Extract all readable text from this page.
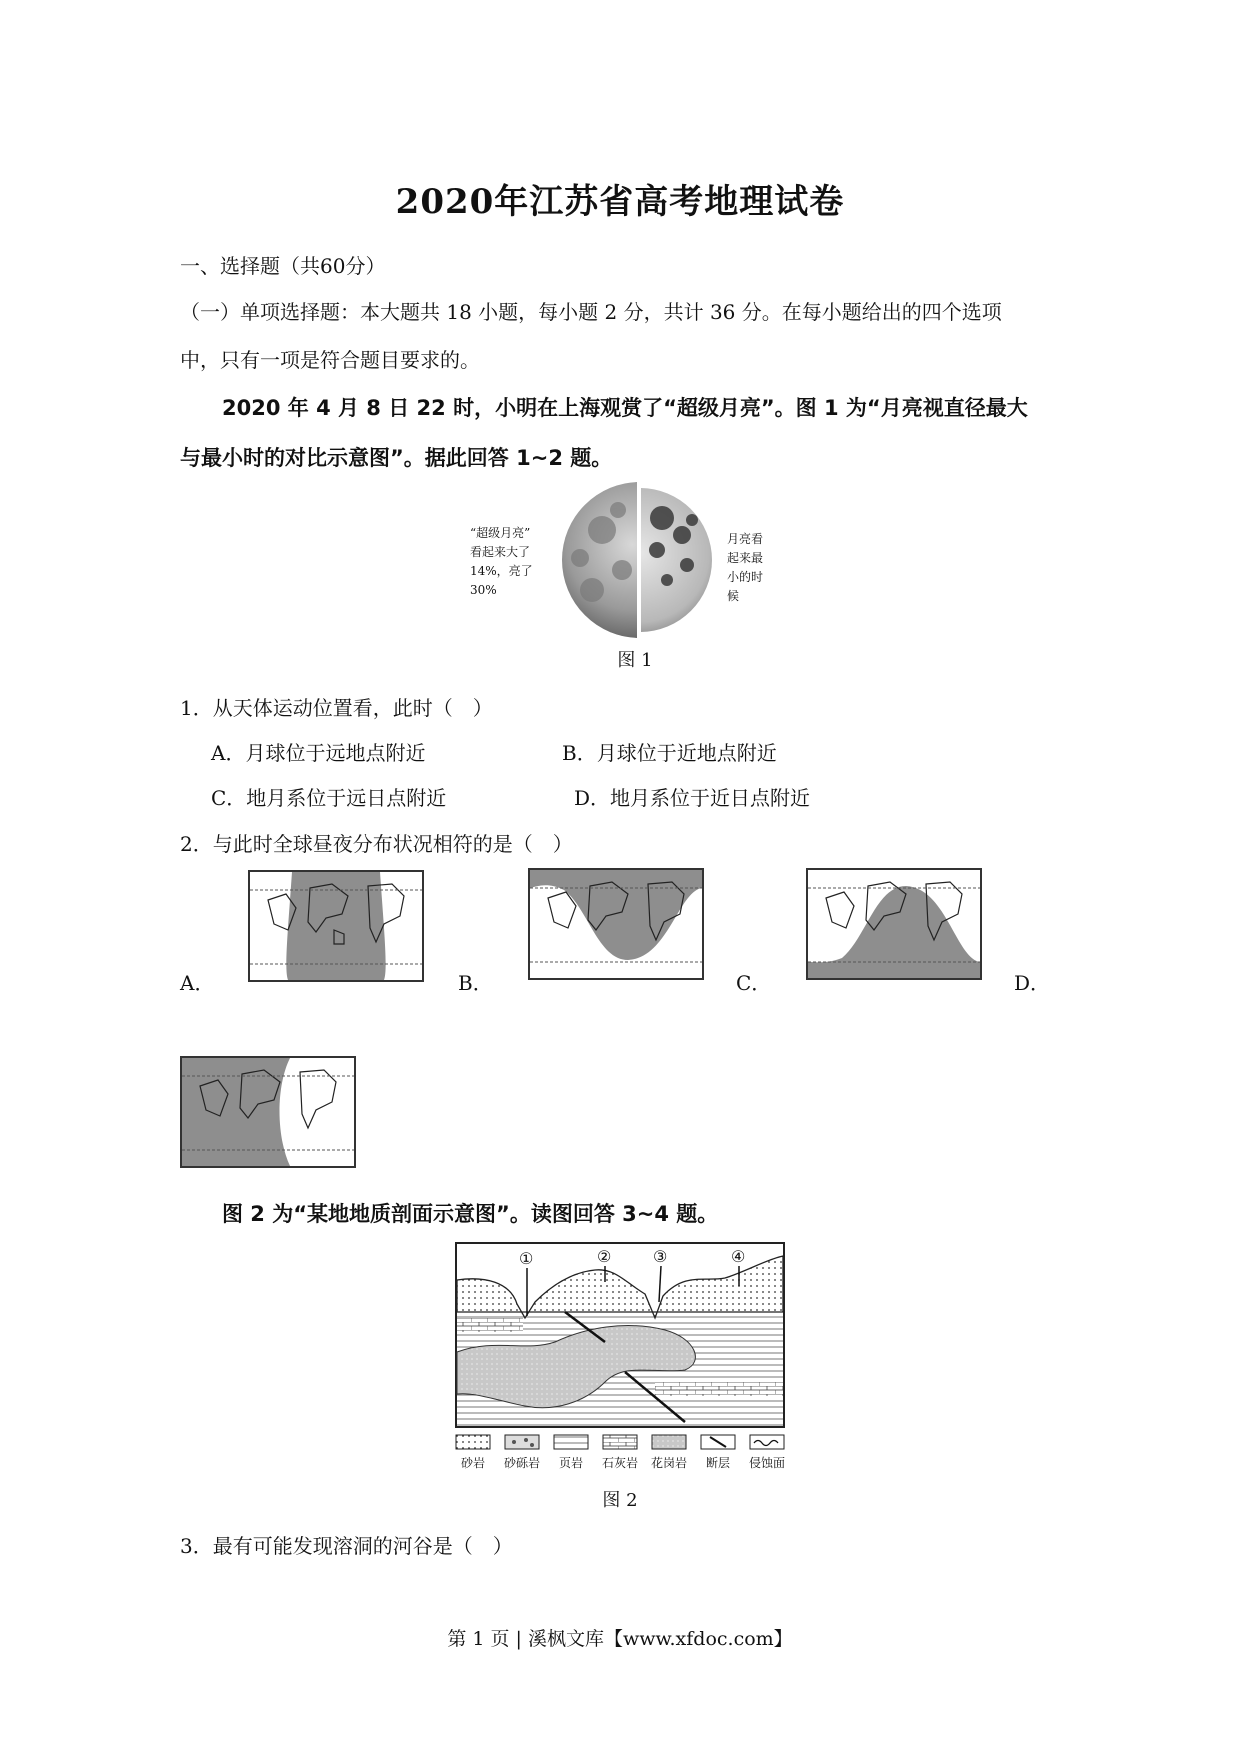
2020年江苏省高考地理试卷
一、选择题（共60分）
（一）单项选择题：本大题共 18 小题，每小题 2 分，共计 36 分。在每小题给出的四个选项
中，只有一项是符合题目要求的。
2020 年 4 月 8 日 22 时，小明在上海观赏了“超级月亮”。图 1 为“月亮视直径最大
与最小时的对比示意图”。据此回答 1~2 题。
“超级月亮”
看起来大了
14%，亮了
30%
月亮看
起来最
小的时
候
图 1
1．从天体运动位置看，此时（　）
A．月球位于远地点附近	B．月球位于近地点附近
C．地月系位于远日点附近	D．地月系位于近日点附近
2．与此时全球昼夜分布状况相符的是（　）
A．	B．	C．	D．
图 2 为“某地地质剖面示意图”。读图回答 3~4 题。
①	②	③	④
砂岩	砂砾岩	页岩	石灰岩 花岗岩	断层	侵蚀面
图 2
3．最有可能发现溶洞的河谷是（　）
第 1 页 | 溪枫文库【www.xfdoc.com】
